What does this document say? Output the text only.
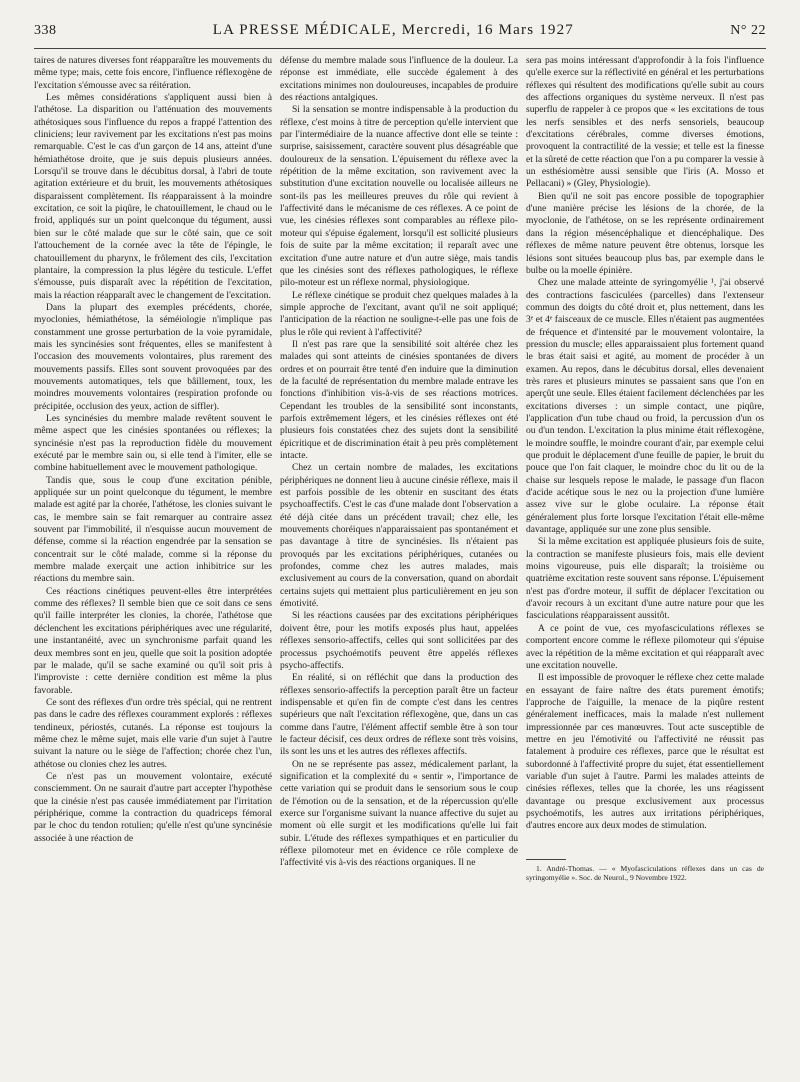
338	LA PRESSE MÉDICALE, Mercredi, 16 Mars 1927	N° 22

taires de natures diverses font réapparaître les mouvements du même type; mais, cette fois encore, l'influence réflexogène de l'excitation s'émousse avec sa réitération.

Les mêmes considérations s'appliquent aussi bien à l'athétose. La disparition ou l'atténuation des mouvements athétosiques sous l'influence du repos a frappé l'attention des cliniciens; leur ravivement par les excitations n'est pas moins remarquable. C'est le cas d'un garçon de 14 ans, atteint d'une hémiathétose droite, que je suis depuis plusieurs années. Lorsqu'il se trouve dans le décubitus dorsal, à l'abri de toute agitation extérieure et du bruit, les mouvements athétosiques disparaissent complètement. Ils réapparaissent à la moindre excitation, ce soit la piqûre, le chatouillement, le chaud ou le froid, appliqués sur un point quelconque du tégument, aussi bien sur le côté malade que sur le côté sain, que ce soit l'attouchement de la cornée avec la tête de l'épingle, le chatouillement du pharynx, le frôlement des cils, l'excitation plantaire, la compression la plus légère du testicule. L'effet s'émousse, puis disparaît avec la répétition de l'excitation, mais la réaction réapparaît avec le changement de l'excitation.

Dans la plupart des exemples précédents, chorée, myoclonies, hémiathétose, la séméiologie n'implique pas constamment une grosse perturbation de la voie pyramidale, mais les syncinésies sont fréquentes, elles se manifestent à l'occasion des mouvements volontaires, plus rarement des mouvements passifs. Elles sont souvent provoquées par des mouvements automatiques, tels que bâillement, toux, les moindres mouvements volontaires (respiration profonde ou précipitée, occlusion des yeux, action de siffler).

Les syncinésies du membre malade revêtent souvent le même aspect que les cinésies spontanées ou réflexes; la syncinésie n'est pas la reproduction fidèle du mouvement exécuté par le membre sain ou, si elle tend à l'imiter, elle se combine habituellement avec le mouvement pathologique.

Tandis que, sous le coup d'une excitation pénible, appliquée sur un point quelconque du tégument, le membre malade est agité par la chorée, l'athétose, les clonies suivant le cas, le membre sain se fait remarquer au contraire assez souvent par l'immobilité, il n'esquisse aucun mouvement de défense, comme si la réaction engendrée par la sensation se concentrait sur le côté malade, comme si la réponse du membre malade exerçait une action inhibitrice sur les réactions du membre sain.

Ces réactions cinétiques peuvent-elles être interprétées comme des réflexes? Il semble bien que ce soit dans ce sens qu'il faille interpréter les clonies, la chorée, l'athétose que déclenchent les excitations périphériques avec une régularité, une instantanéité, avec un synchronisme parfait quand les deux membres sont en jeu, quelle que soit la position adoptée par le malade, qu'il se sache examiné ou qu'il soit pris à l'improviste : cette dernière condition est même la plus favorable.

Ce sont des réflexes d'un ordre très spécial, qui ne rentrent pas dans le cadre des réflexes couramment explorés : réflexes tendineux, périostés, cutanés. La réponse est toujours la même chez le même sujet, mais elle varie d'un sujet à l'autre suivant la nature ou le siège de l'affection; chorée chez l'un, athétose ou clonies chez les autres.

Ce n'est pas un mouvement volontaire, exécuté consciemment. On ne saurait d'autre part accepter l'hypothèse que la cinésie n'est pas causée immédiatement par l'irritation périphérique, comme la contraction du quadriceps fémoral par le choc du tendon rotulien; qu'elle n'est qu'une syncinésie associée à une réaction de

défense du membre malade sous l'influence de la douleur. La réponse est immédiate, elle succède également à des excitations minimes non douloureuses, incapables de produire des réactions antalgiques.

Si la sensation se montre indispensable à la production du réflexe, c'est moins à titre de perception qu'elle intervient que par l'intermédiaire de la nuance affective dont elle se teinte : surprise, saisissement, caractère souvent plus désagréable que douloureux de la sensation. L'épuisement du réflexe avec la répétition de la même excitation, son ravivement avec la substitution d'une excitation nouvelle ou localisée ailleurs ne sont-ils pas les meilleures preuves du rôle qui revient à l'affectivité dans le mécanisme de ces réflexes. A ce point de vue, les cinésies réflexes sont comparables au réflexe pilo-moteur qui s'épuise également, lorsqu'il est sollicité plusieurs fois de suite par la même excitation; il reparaît avec une excitation d'une autre nature et d'un autre siège, mais tandis que les cinésies sont des réflexes pathologiques, le réflexe pilo-moteur est un réflexe normal, physiologique.

Le réflexe cinétique se produit chez quelques malades à la simple approche de l'excitant, avant qu'il ne soit appliqué; l'anticipation de la réaction ne souligne-t-elle pas une fois de plus le rôle qui revient à l'affectivité?

Il n'est pas rare que la sensibilité soit altérée chez les malades qui sont atteints de cinésies spontanées de divers ordres et on pourrait être tenté d'en induire que la diminution de la faculté de représentation du membre malade entrave les fonctions d'inhibition vis-à-vis de ses réactions motrices. Cependant les troubles de la sensibilité sont inconstants, parfois extrêmement légers, et les cinésies réflexes ont été plusieurs fois constatées chez des sujets dont la sensibilité épicritique et de discrimination était à peu près complètement intacte.

Chez un certain nombre de malades, les excitations périphériques ne donnent lieu à aucune cinésie réflexe, mais il est parfois possible de les obtenir en suscitant des états psychoaffectifs. C'est le cas d'une malade dont l'observation a été déjà citée dans un précédent travail; chez elle, les mouvements choréiques n'apparaissaient pas spontanément et pas davantage à titre de syncinésies. Ils n'étaient pas provoqués par les excitations périphériques, cutanées ou profondes, comme chez les autres malades, mais exclusivement au cours de la conversation, quand on abordait certains sujets qui mettaient plus particulièrement en jeu son émotivité.

Si les réactions causées par des excitations périphériques doivent être, pour les motifs exposés plus haut, appelées réflexes sensorio-affectifs, celles qui sont sollicitées par des processus psychoémotifs peuvent être appelés réflexes psycho-affectifs.

En réalité, si on réfléchit que dans la production des réflexes sensorio-affectifs la perception paraît être un facteur indispensable et qu'en fin de compte c'est dans les centres supérieurs que naît l'excitation réflexogène, que, dans un cas comme dans l'autre, l'élément affectif semble être à son tour le facteur décisif, ces deux ordres de réflexe sont très voisins, ils sont les uns et les autres des réflexes affectifs.

On ne se représente pas assez, médicalement parlant, la signification et la complexité du « sentir », l'importance de cette variation qui se produit dans le sensorium sous le coup de l'émotion ou de la sensation, et de la répercussion qu'elle exerce sur l'organisme suivant la nuance affective du sujet au moment où elle surgit et les modifications qu'elle lui fait subir. L'étude des réflexes sympathiques et en particulier du réflexe pilomoteur met en évidence ce rôle complexe de l'affectivité vis à-vis des réactions organiques. Il ne

sera pas moins intéressant d'approfondir à la fois l'influence qu'elle exerce sur la réflectivité en général et les perturbations réflexes qui résultent des modifications qu'elle subit au cours des affections organiques du système nerveux. Il n'est pas superflu de rappeler à ce propos que « les excitations de tous les nerfs sensibles et des nerfs sensoriels, beaucoup d'excitations cérébrales, comme diverses émotions, provoquent la contractilité de la vessie; et telle est la finesse et la sûreté de cette réaction que l'on a pu comparer la vessie à un esthésiomètre aussi sensible que l'iris (A. Mosso et Pellacani) » (Gley, Physiologie).

Bien qu'il ne soit pas encore possible de topographier d'une manière précise les lésions de la chorée, de la myoclonie, de l'athétose, on se les représente ordinairement dans la région mésencéphalique et diencéphalique. Des réflexes de même nature peuvent être obtenus, lorsque les lésions sont situées beaucoup plus bas, par exemple dans le bulbe ou la moelle épinière.

Chez une malade atteinte de syringomyélie ¹, j'ai observé des contractions fasciculées (parcelles) dans l'extenseur commun des doigts du côté droit et, plus nettement, dans les 3ᵉ et 4ᵉ faisceaux de ce muscle. Elles n'étaient pas augmentées de fréquence et d'intensité par le mouvement volontaire, la pression du muscle; elles apparaissaient plus fortement quand le bras était saisi et agité, au moment de procéder à un examen. Au repos, dans le décubitus dorsal, elles devenaient très rares et plusieurs minutes se passaient sans que l'on en aperçût une seule. Elles étaient facilement déclenchées par les excitations diverses : un simple contact, une piqûre, l'application d'un tube chaud ou froid, la percussion d'un os ou d'un tendon. L'excitation la plus minime était réflexogène, le moindre souffle, le moindre courant d'air, par exemple celui que produit le déplacement d'une feuille de papier, le bruit du pouce que l'on fait claquer, le moindre choc du lit ou de la chaise sur lesquels repose le malade, le passage d'un flacon d'acide acétique sous le nez ou la projection d'une lumière assez vive sur le globe oculaire. La réponse était généralement plus forte lorsque l'excitation l'était elle-même davantage, appliquée sur une zone plus sensible.

Si la même excitation est appliquée plusieurs fois de suite, la contraction se manifeste plusieurs fois, mais elle devient moins vigoureuse, puis elle disparaît; la troisième ou quatrième excitation reste souvent sans réponse. L'épuisement n'est pas d'ordre moteur, il suffit de déplacer l'excitation ou d'avoir recours à un excitant d'une autre nature pour que les fasciculations réapparaissent aussitôt.

A ce point de vue, ces myofasciculations réflexes se comportent encore comme le réflexe pilomoteur qui s'épuise avec la répétition de la même excitation et qui réapparaît avec une excitation nouvelle.

Il est impossible de provoquer le réflexe chez cette malade en essayant de faire naître des états purement émotifs; l'approche de l'aiguille, la menace de la piqûre restent généralement inefficaces, mais la malade n'est nullement impressionnée par ces manœuvres. Tout acte susceptible de mettre en jeu l'émotivité ou l'affectivité ne réussit pas fatalement à produire ces réflexes, parce que le résultat est subordonné à l'affectivité propre du sujet, état essentiellement variable d'un sujet à l'autre. Parmi les malades atteints de cinésies réflexes, telles que la chorée, les uns réagissent davantage ou presque exclusivement aux processus psychoémotifs, les autres aux irritations périphériques, d'autres encore aux deux modes de stimulation.

1. André-Thomas. — « Myofasciculations réflexes dans un cas de syringomyélie ». Soc. de Neurol., 9 Novembre 1922.
